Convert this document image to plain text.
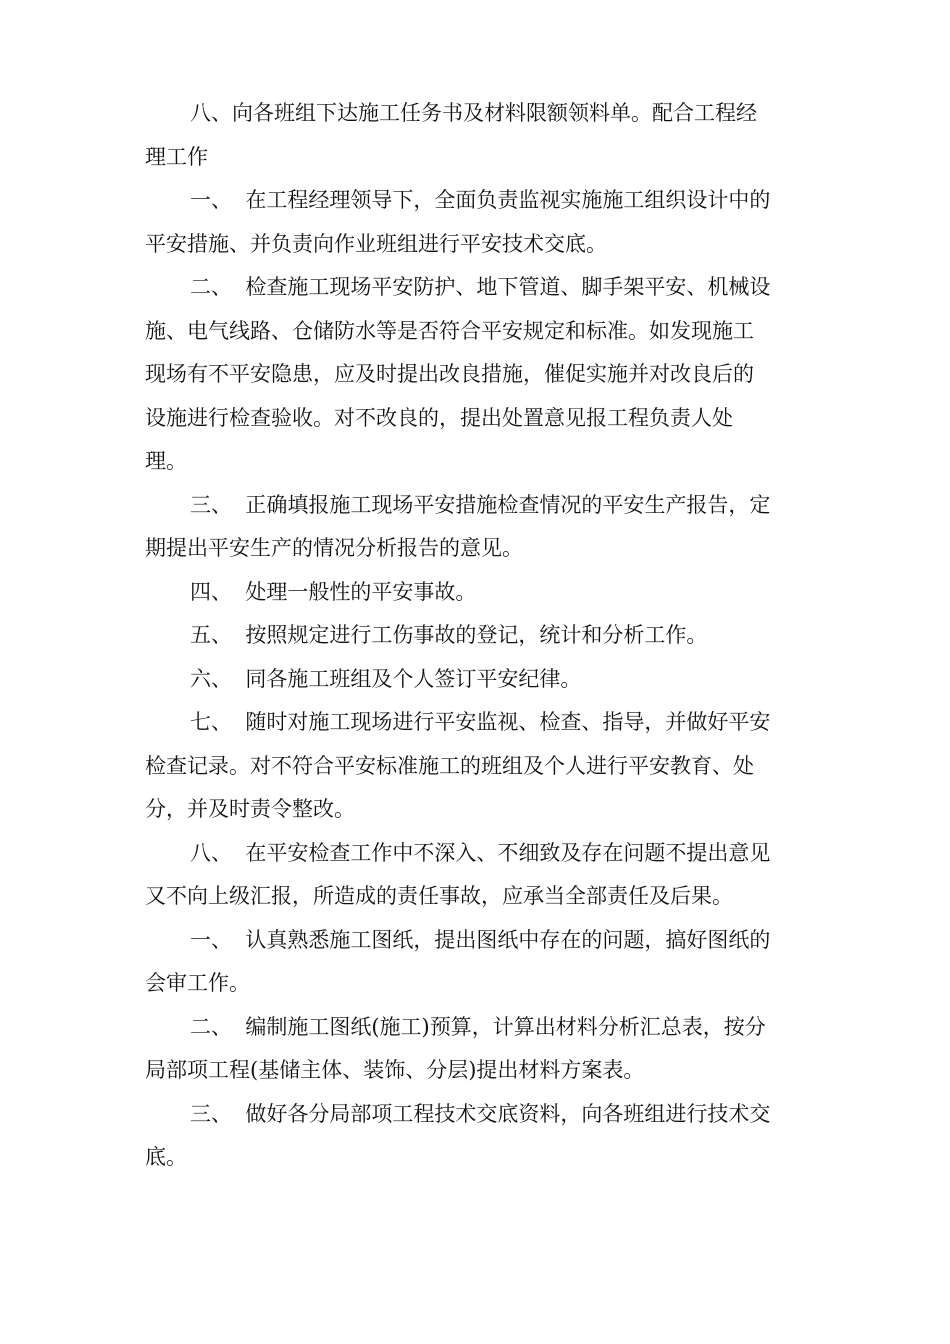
八、向各班组下达施工任务书及材料限额领料单。配合工程经
理工作
一、  在工程经理领导下，全面负责监视实施施工组织设计中的
平安措施、并负责向作业班组进行平安技术交底。
二、  检查施工现场平安防护、地下管道、脚手架平安、机械设
施、电气线路、仓储防水等是否符合平安规定和标准。如发现施工
现场有不平安隐患，应及时提出改良措施，催促实施并对改良后的
设施进行检查验收。对不改良的，提出处置意见报工程负责人处
理。
三、  正确填报施工现场平安措施检查情况的平安生产报告，定
期提出平安生产的情况分析报告的意见。
四、  处理一般性的平安事故。
五、  按照规定进行工伤事故的登记，统计和分析工作。
六、  同各施工班组及个人签订平安纪律。
七、  随时对施工现场进行平安监视、检查、指导，并做好平安
检查记录。对不符合平安标准施工的班组及个人进行平安教育、处
分，并及时责令整改。
八、  在平安检查工作中不深入、不细致及存在问题不提出意见
又不向上级汇报，所造成的责任事故，应承当全部责任及后果。
一、  认真熟悉施工图纸，提出图纸中存在的问题，搞好图纸的
会审工作。
二、  编制施工图纸(施工)预算，计算出材料分析汇总表，按分
局部项工程(基储主体、装饰、分层)提出材料方案表。
三、  做好各分局部项工程技术交底资料，向各班组进行技术交
底。
